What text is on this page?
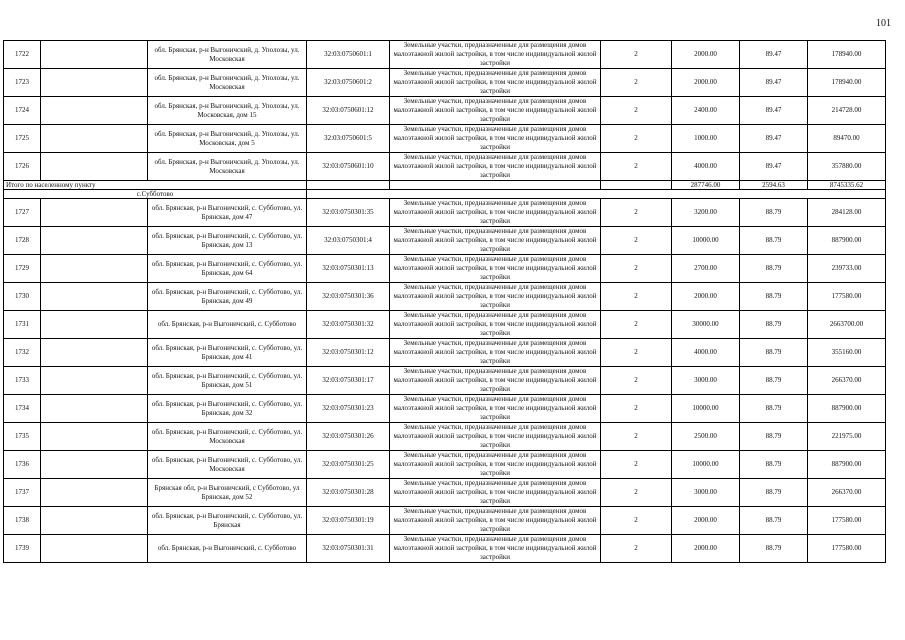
101
1722		обл. Брянская, р-н Выгоничский, д. Уполозы, ул. Московская	32:03:0750601:1	Земельные участки, предназначенные для размещения домов малоэтажной жилой застройки, в том числе индивидуальной жилой застройки	2	2000.00	89.47	178940.00
1723		обл. Брянская, р-н Выгоничский, д. Уполозы, ул. Московская	32:03:0750601:2	Земельные участки, предназначенные для размещения домов малоэтажной жилой застройки, в том числе индивидуальной жилой застройки	2	2000.00	89.47	178940.00
1724		обл. Брянская, р-н Выгоничский, д. Уполозы, ул. Московская, дом 15	32:03:0750601:12	Земельные участки, предназначенные для размещения домов малоэтажной жилой застройки, в том числе индивидуальной жилой застройки	2	2400.00	89.47	214728.00
1725		обл. Брянская, р-н Выгоничский, д. Уполозы, ул. Московская, дом 5	32:03:0750601:5	Земельные участки, предназначенные для размещения домов малоэтажной жилой застройки, в том числе индивидуальной жилой застройки	2	1000.00	89.47	89470.00
1726		обл. Брянская, р-н Выгоничский, д. Уполозы, ул. Московская	32:03:0750601:10	Земельные участки, предназначенные для размещения домов малоэтажной жилой застройки, в том числе индивидуальной жилой застройки	2	4000.00	89.47	357880.00
Итого по населенному пункту						287746.00	2594.63	8745335.62
с.Субботово								
1727		обл. Брянская, р-н Выгоничский, с. Субботово, ул. Брянская, дом 47	32:03:0750301:35	Земельные участки, предназначенные для размещения домов малоэтажной жилой застройки, в том числе индивидуальной жилой застройки	2	3200.00	88.79	284128.00
1728		обл. Брянская, р-н Выгоничский, с. Субботово, ул. Брянская, дом 13	32:03:0750301:4	Земельные участки, предназначенные для размещения домов малоэтажной жилой застройки, в том числе индивидуальной жилой застройки	2	10000.00	88.79	887900.00
1729		обл. Брянская, р-н Выгоничский, с. Субботово, ул. Брянская, дом 64	32:03:0750301:13	Земельные участки, предназначенные для размещения домов малоэтажной жилой застройки, в том числе индивидуальной жилой застройки	2	2700.00	88.79	239733.00
1730		обл. Брянская, р-н Выгоничский, с. Субботово, ул. Брянская, дом 49	32:03:0750301:36	Земельные участки, предназначенные для размещения домов малоэтажной жилой застройки, в том числе индивидуальной жилой застройки	2	2000.00	88.79	177580.00
1731		обл. Брянская, р-н Выгоничский, с. Субботово	32:03:0750301:32	Земельные участки, предназначенные для размещения домов малоэтажной жилой застройки, в том числе индивидуальной жилой застройки	2	30000.00	88.79	2663700.00
1732		обл. Брянская, р-н Выгоничский, с. Субботово, ул. Брянская, дом 41	32:03:0750301:12	Земельные участки, предназначенные для размещения домов малоэтажной жилой застройки, в том числе индивидуальной жилой застройки	2	4000.00	88.79	355160.00
1733		обл. Брянская, р-н Выгоничский, с. Субботово, ул. Брянская, дом 51	32:03:0750301:17	Земельные участки, предназначенные для размещения домов малоэтажной жилой застройки, в том числе индивидуальной жилой застройки	2	3000.00	88.79	266370.00
1734		обл. Брянская, р-н Выгоничский, с. Субботово, ул. Брянская, дом 32	32:03:0750301:23	Земельные участки, предназначенные для размещения домов малоэтажной жилой застройки, в том числе индивидуальной жилой застройки	2	10000.00	88.79	887900.00
1735		обл. Брянская, р-н Выгоничский, с. Субботово, ул. Московская	32:03:0750301:26	Земельные участки, предназначенные для размещения домов малоэтажной жилой застройки, в том числе индивидуальной жилой застройки	2	2500.00	88.79	221975.00
1736		обл. Брянская, р-н Выгоничский, с. Субботово, ул. Московская	32:03:0750301:25	Земельные участки, предназначенные для размещения домов малоэтажной жилой застройки, в том числе индивидуальной жилой застройки	2	10000.00	88.79	887900.00
1737		Брянская обл, р-н Выгоничский, с Субботово, ул Брянская, дом 52	32:03:0750301:28	Земельные участки, предназначенные для размещения домов малоэтажной жилой застройки, в том числе индивидуальной жилой застройки	2	3000.00	88.79	266370.00
1738		обл. Брянская, р-н Выгоничский, с. Субботово, ул. Брянская	32:03:0750301:19	Земельные участки, предназначенные для размещения домов малоэтажной жилой застройки, в том числе индивидуальной жилой застройки	2	2000.00	88.79	177580.00
1739		обл. Брянская, р-н Выгоничский, с. Субботово	32:03:0750301:31	Земельные участки, предназначенные для размещения домов малоэтажной жилой застройки, в том числе индивидуальной жилой застройки	2	2000.00	88.79	177580.00
